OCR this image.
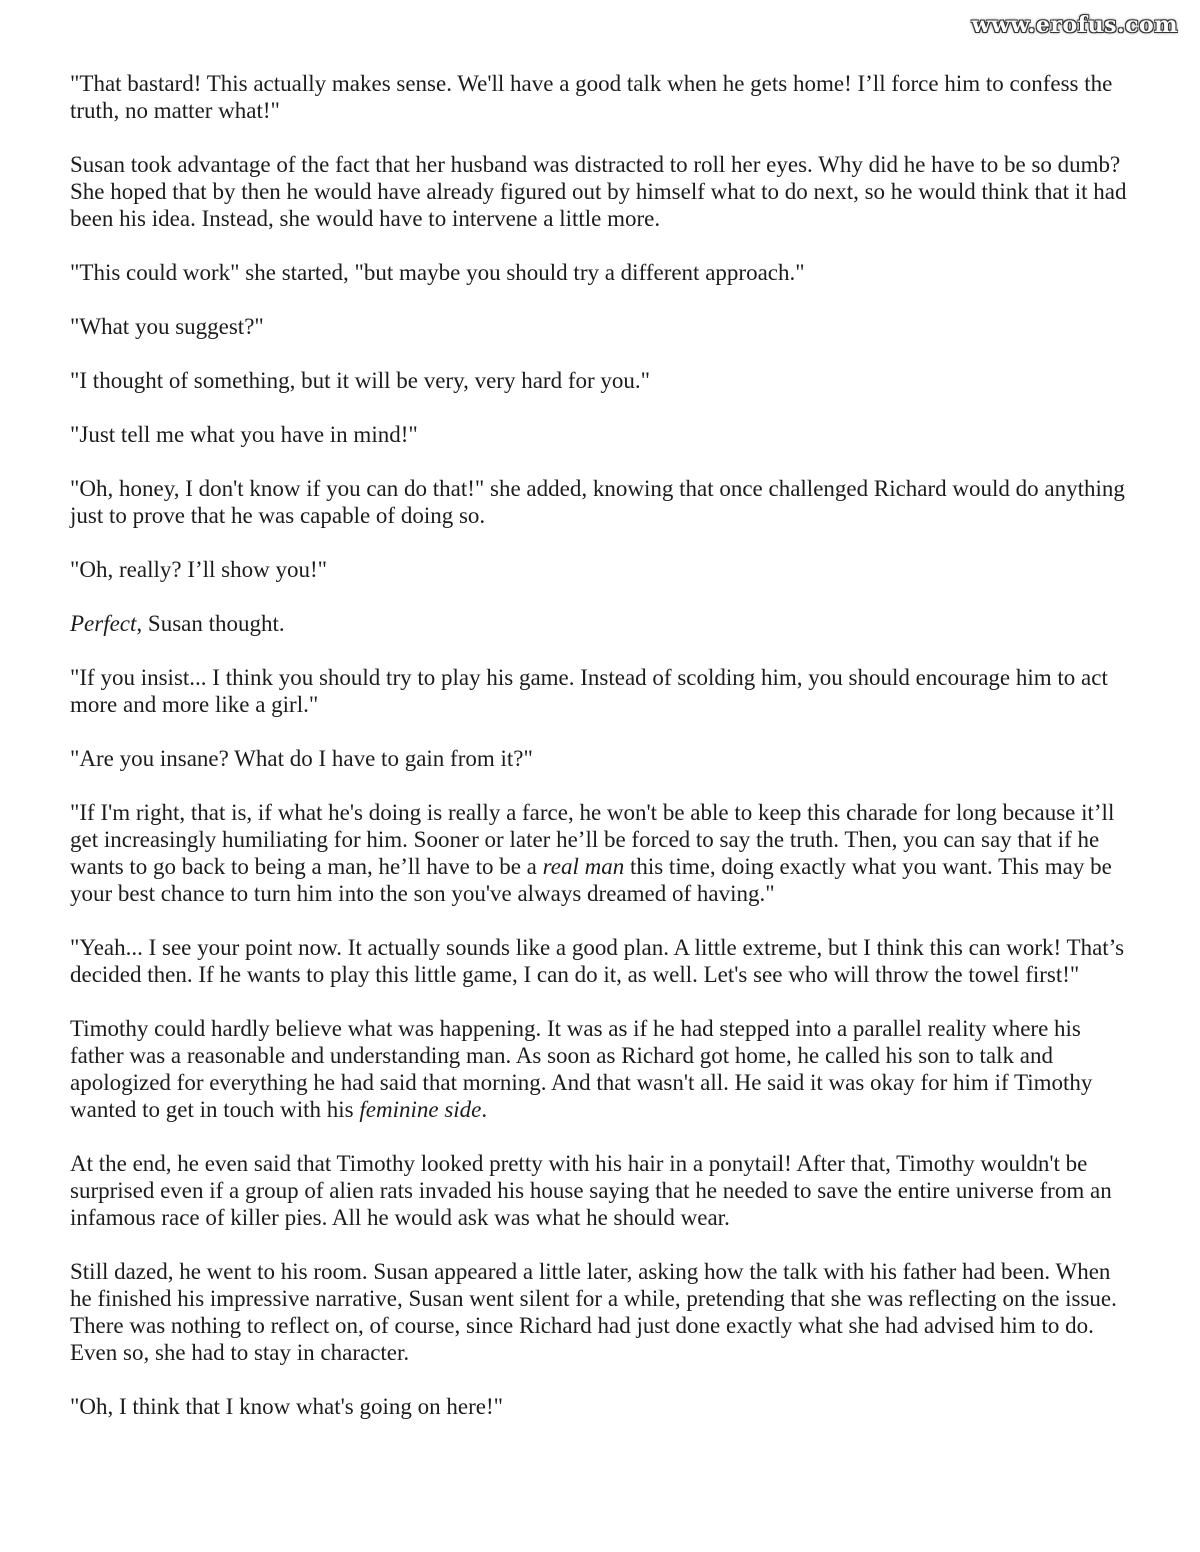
www.erofus.com

"That bastard! This actually makes sense. We'll have a good talk when he gets home! I’ll force him to confess the truth, no matter what!"

Susan took advantage of the fact that her husband was distracted to roll her eyes. Why did he have to be so dumb? She hoped that by then he would have already figured out by himself what to do next, so he would think that it had been his idea. Instead, she would have to intervene a little more.

"This could work" she started, "but maybe you should try a different approach."

"What you suggest?"

"I thought of something, but it will be very, very hard for you."

"Just tell me what you have in mind!"

"Oh, honey, I don't know if you can do that!" she added, knowing that once challenged Richard would do anything just to prove that he was capable of doing so.

"Oh, really? I’ll show you!"

Perfect, Susan thought.

"If you insist... I think you should try to play his game. Instead of scolding him, you should encourage him to act more and more like a girl."

"Are you insane? What do I have to gain from it?"

"If I'm right, that is, if what he's doing is really a farce, he won't be able to keep this charade for long because it’ll get increasingly humiliating for him. Sooner or later he’ll be forced to say the truth. Then, you can say that if he wants to go back to being a man, he’ll have to be a real man this time, doing exactly what you want. This may be your best chance to turn him into the son you've always dreamed of having."

"Yeah... I see your point now. It actually sounds like a good plan. A little extreme, but I think this can work! That’s decided then. If he wants to play this little game, I can do it, as well. Let's see who will throw the towel first!"

Timothy could hardly believe what was happening. It was as if he had stepped into a parallel reality where his father was a reasonable and understanding man. As soon as Richard got home, he called his son to talk and apologized for everything he had said that morning. And that wasn't all. He said it was okay for him if Timothy wanted to get in touch with his feminine side.

At the end, he even said that Timothy looked pretty with his hair in a ponytail! After that, Timothy wouldn't be surprised even if a group of alien rats invaded his house saying that he needed to save the entire universe from an infamous race of killer pies. All he would ask was what he should wear.

Still dazed, he went to his room. Susan appeared a little later, asking how the talk with his father had been. When he finished his impressive narrative, Susan went silent for a while, pretending that she was reflecting on the issue. There was nothing to reflect on, of course, since Richard had just done exactly what she had advised him to do. Even so, she had to stay in character.

"Oh, I think that I know what's going on here!"
